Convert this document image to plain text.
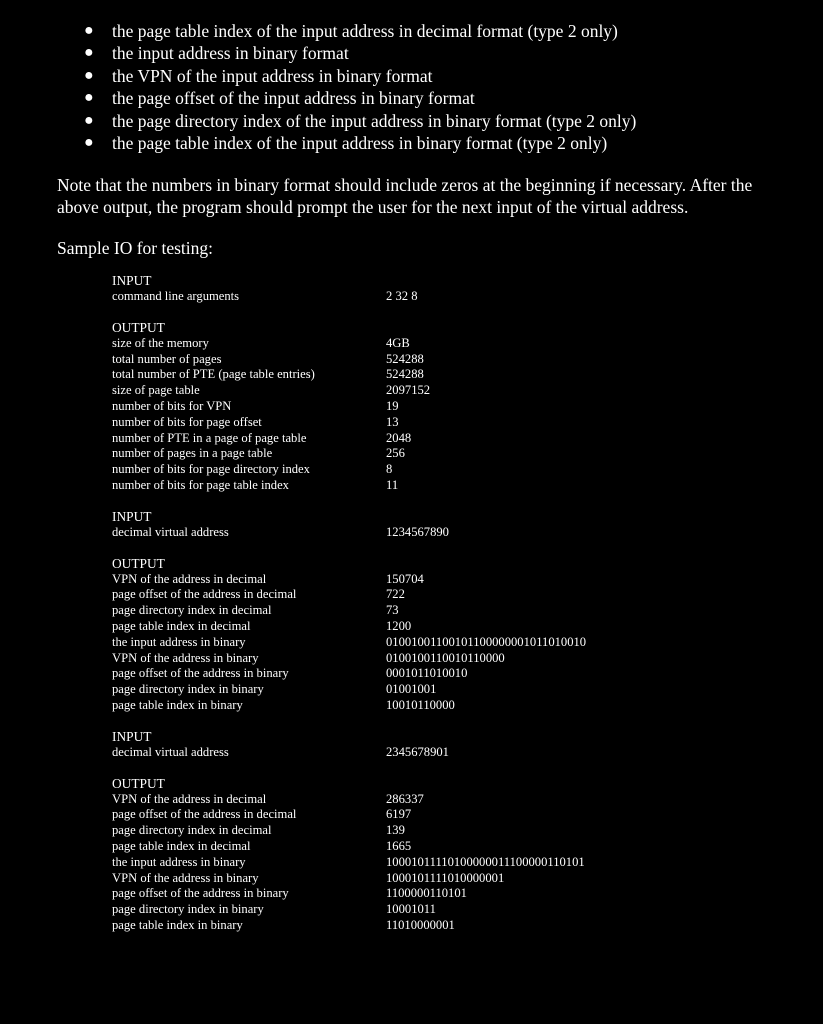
● the page table index of the input address in decimal format (type 2 only)
● the input address in binary format
● the VPN of the input address in binary format
● the page offset of the input address in binary format
● the page directory index of the input address in binary format (type 2 only)
● the page table index of the input address in binary format (type 2 only)

Note that the numbers in binary format should include zeros at the beginning if necessary. After the above output, the program should prompt the user for the next input of the virtual address.

Sample IO for testing:

INPUT
command line arguments	2 32 8
OUTPUT
size of the memory	4GB
total number of pages	524288
total number of PTE (page table entries)	524288
size of page table	2097152
number of bits for VPN	19
number of bits for page offset	13
number of PTE in a page of page table	2048
number of pages in a page table	256
number of bits for page directory index	8
number of bits for page table index	11
INPUT
decimal virtual address	1234567890
OUTPUT
VPN of the address in decimal	150704
page offset of the address in decimal	722
page directory index in decimal	73
page table index in decimal	1200
the input address in binary	01001001100101100000001011010010
VPN of the address in binary	0100100110010110000
page offset of the address in binary	0001011010010
page directory index in binary	01001001
page table index in binary	10010110000
INPUT
decimal virtual address	2345678901
OUTPUT
VPN of the address in decimal	286337
page offset of the address in decimal	6197
page directory index in decimal	139
page table index in decimal	1665
the input address in binary	10001011110100000011100000110101
VPN of the address in binary	1000101111010000001
page offset of the address in binary	1100000110101
page directory index in binary	10001011
page table index in binary	11010000001
